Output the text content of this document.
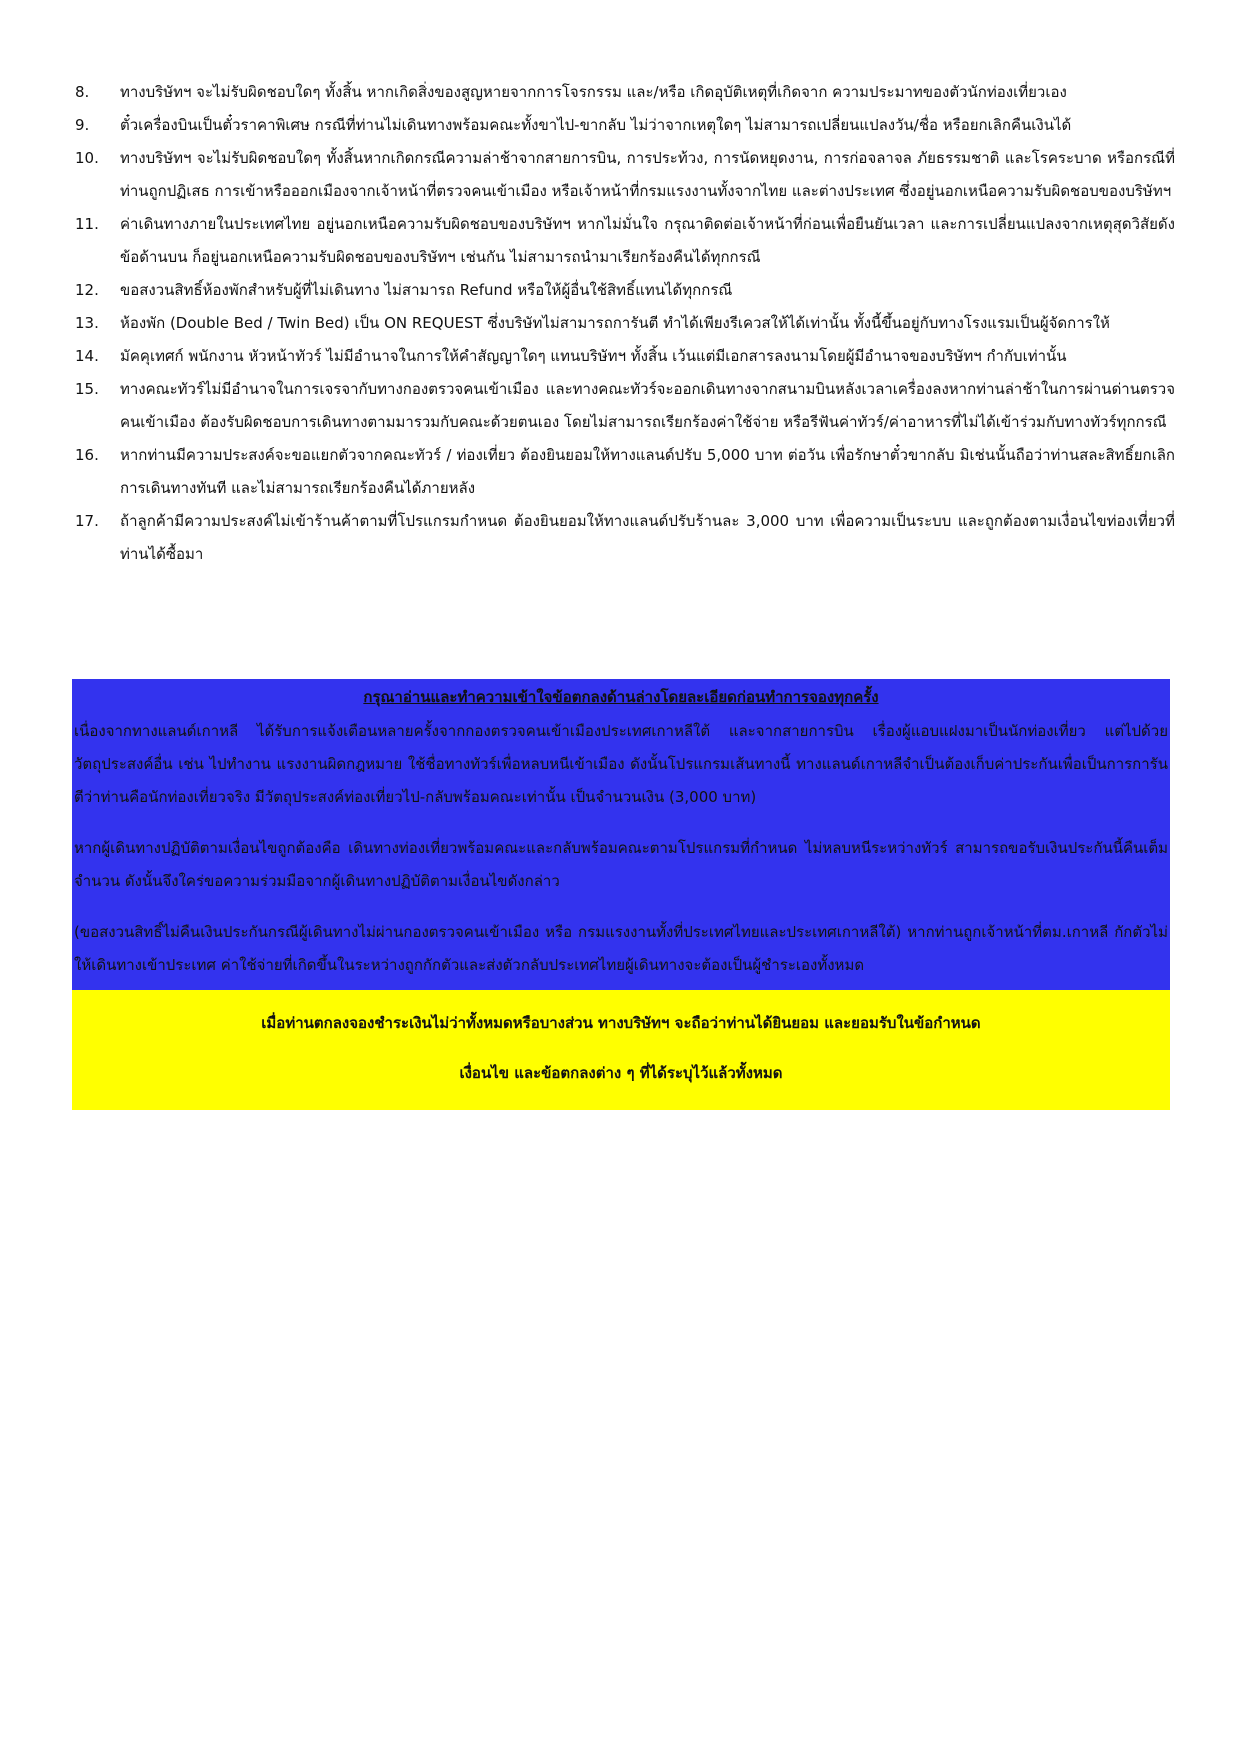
8.	ทางบริษัทฯ จะไม่รับผิดชอบใดๆ ทั้งสิ้น หากเกิดสิ่งของสูญหายจากการโจรกรรม และ/หรือ เกิดอุบัติเหตุที่เกิดจาก ความประมาทของตัวนักท่องเที่ยวเอง
9.	ตั๋วเครื่องบินเป็นตั๋วราคาพิเศษ กรณีที่ท่านไม่เดินทางพร้อมคณะทั้งขาไป-ขากลับ ไม่ว่าจากเหตุใดๆ ไม่สามารถเปลี่ยนแปลงวัน/ชื่อ หรือยกเลิกคืนเงินได้
10.	ทางบริษัทฯ จะไม่รับผิดชอบใดๆ ทั้งสิ้นหากเกิดกรณีความล่าช้าจากสายการบิน, การประท้วง, การนัดหยุดงาน, การก่อจลาจล ภัยธรรมชาติ และโรคระบาด หรือกรณีที่ท่านถูกปฏิเสธ การเข้าหรือออกเมืองจากเจ้าหน้าที่ตรวจคนเข้าเมือง หรือเจ้าหน้าที่กรมแรงงานทั้งจากไทย และต่างประเทศ ซึ่งอยู่นอกเหนือความรับผิดชอบของบริษัทฯ
11.	ค่าเดินทางภายในประเทศไทย อยู่นอกเหนือความรับผิดชอบของบริษัทฯ หากไม่มั่นใจ กรุณาติดต่อเจ้าหน้าที่ก่อนเพื่อยืนยันเวลา และการเปลี่ยนแปลงจากเหตุสุดวิสัยดังข้อด้านบน ก็อยู่นอกเหนือความรับผิดชอบของบริษัทฯ เช่นกัน ไม่สามารถนำมาเรียกร้องคืนได้ทุกกรณี
12.	ขอสงวนสิทธิ์ห้องพักสำหรับผู้ที่ไม่เดินทาง ไม่สามารถ Refund หรือให้ผู้อื่นใช้สิทธิ์แทนได้ทุกกรณี
13.	ห้องพัก (Double Bed / Twin Bed) เป็น ON REQUEST ซึ่งบริษัทไม่สามารถการันตี ทำได้เพียงรีเควสให้ได้เท่านั้น ทั้งนี้ขึ้นอยู่กับทางโรงแรมเป็นผู้จัดการให้
14.	มัคคุเทศก์ พนักงาน หัวหน้าทัวร์ ไม่มีอำนาจในการให้คำสัญญาใดๆ แทนบริษัทฯ ทั้งสิ้น เว้นแต่มีเอกสารลงนามโดยผู้มีอำนาจของบริษัทฯ กำกับเท่านั้น
15.	ทางคณะทัวร์ไม่มีอำนาจในการเจรจากับทางกองตรวจคนเข้าเมือง และทางคณะทัวร์จะออกเดินทางจากสนามบินหลังเวลาเครื่องลงหากท่านล่าช้าในการผ่านด่านตรวจคนเข้าเมือง ต้องรับผิดชอบการเดินทางตามมารวมกับคณะด้วยตนเอง โดยไม่สามารถเรียกร้องค่าใช้จ่าย หรือรีฟันค่าทัวร์/ค่าอาหารที่ไม่ได้เข้าร่วมกับทางทัวร์ทุกกรณี
16.	หากท่านมีความประสงค์จะขอแยกตัวจากคณะทัวร์ / ท่องเที่ยว ต้องยินยอมให้ทางแลนด์ปรับ 5,000 บาท ต่อวัน เพื่อรักษาตั๋วขากลับ มิเช่นนั้นถือว่าท่านสละสิทธิ์ยกเลิกการเดินทางทันที และไม่สามารถเรียกร้องคืนได้ภายหลัง
17.	ถ้าลูกค้ามีความประสงค์ไม่เข้าร้านค้าตามที่โปรแกรมกำหนด ต้องยินยอมให้ทางแลนด์ปรับร้านละ 3,000 บาท เพื่อความเป็นระบบ และถูกต้องตามเงื่อนไขท่องเที่ยวที่ท่านได้ซื้อมา
กรุณาอ่านและทำความเข้าใจข้อตกลงด้านล่างโดยละเอียดก่อนทำการจองทุกครั้ง
เนื่องจากทางแลนด์เกาหลี ได้รับการแจ้งเตือนหลายครั้งจากกองตรวจคนเข้าเมืองประเทศเกาหลีใต้ และจากสายการบิน เรื่องผู้แอบแฝงมาเป็นนักท่องเที่ยว แต่ไปด้วยวัตถุประสงค์อื่น เช่น ไปทำงาน แรงงานผิดกฎหมาย ใช้ชื่อทางทัวร์เพื่อหลบหนีเข้าเมือง ดังนั้นโปรแกรมเส้นทางนี้ ทางแลนด์เกาหลีจำเป็นต้องเก็บค่าประกันเพื่อเป็นการการันตีว่าท่านคือนักท่องเที่ยวจริง มีวัตถุประสงค์ท่องเที่ยวไป-กลับพร้อมคณะเท่านั้น เป็นจำนวนเงิน (3,000 บาท)
หากผู้เดินทางปฏิบัติตามเงื่อนไขถูกต้องคือ เดินทางท่องเที่ยวพร้อมคณะและกลับพร้อมคณะตามโปรแกรมที่กำหนด ไม่หลบหนีระหว่างทัวร์ สามารถขอรับเงินประกันนี้คืนเต็มจำนวน ดังนั้นจึงใคร่ขอความร่วมมือจากผู้เดินทางปฏิบัติตามเงื่อนไขดังกล่าว
(ขอสงวนสิทธิ์ไม่คืนเงินประกันกรณีผู้เดินทางไม่ผ่านกองตรวจคนเข้าเมือง หรือ กรมแรงงานทั้งที่ประเทศไทยและประเทศเกาหลีใต้) หากท่านถูกเจ้าหน้าที่ตม.เกาหลี กักตัวไม่ให้เดินทางเข้าประเทศ ค่าใช้จ่ายที่เกิดขึ้นในระหว่างถูกกักตัวและส่งตัวกลับประเทศไทยผู้เดินทางจะต้องเป็นผู้ชำระเองทั้งหมด
เมื่อท่านตกลงจองชำระเงินไม่ว่าทั้งหมดหรือบางส่วน ทางบริษัทฯ จะถือว่าท่านได้ยินยอม และยอมรับในข้อกำหนด
เงื่อนไข และข้อตกลงต่าง ๆ ที่ได้ระบุไว้แล้วทั้งหมด
